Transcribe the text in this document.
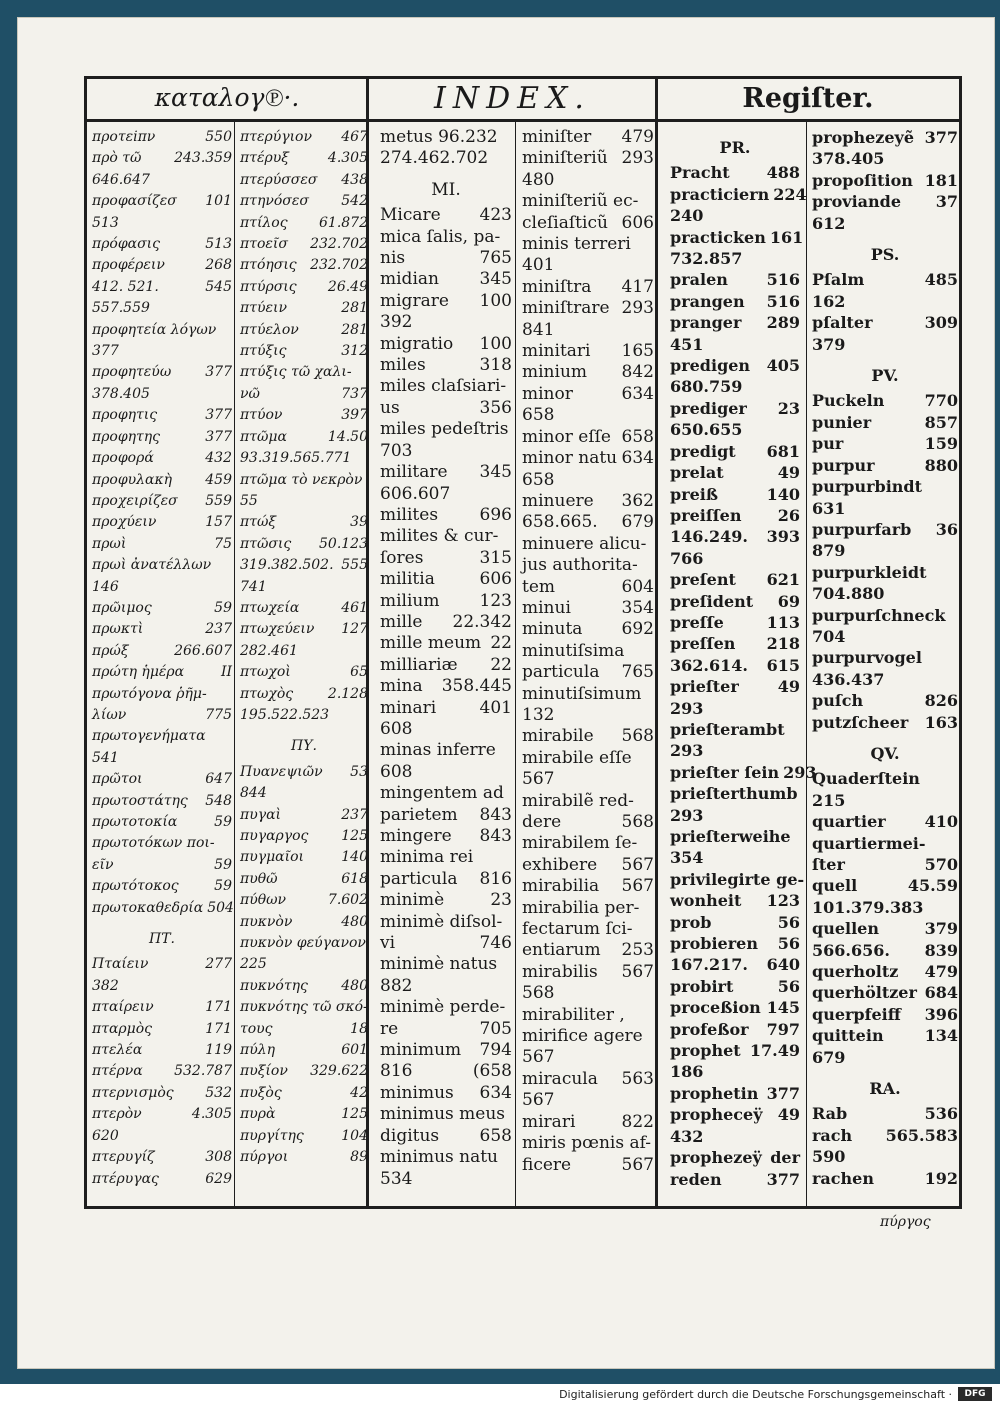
καταλογ℗·.	INDEX.	Regiſter.
πρoτεiπν	550
πρὸ τῶ 243.359
646.647
πρoφασίζεσ 101
513
πρόφασις	513
προφέρειν	268
412. 521.	545
557.559
πρoφητεία λόγων
377
πρoφητεύω 377
378.405
πρoφητις	377
πρoφητης	377
πρoφορά	432
πρoφυλακὴ 459
πρoχειρίζεσ 559
πρoχύειν	157
πρωὶ	75
πρωὶ ἀνατέλλων
146
πρῶιμος	59
πρωκτὶ	237
πρώξ	266.607
πρώτη ἡμέρα	II
πρωτόγονα ῥῆμ-
λίων	775
πρωτογενήματα
541
πρῶτοι	647
πρωτοστάτης 548
πρωτοτοκία	59
πρωτοτόκων ποι-
εῖν	59
πρωτότοκος	59
πρωτοκαθεδρία 504
ΠΤ.
Πταίειν	277
382
πταίρειν	171
πταρμὸς	171
πτελέα	119
πτέρνα 532.787
πτερνισμὸς 532
πτερὸν	4.305
620
πτερυγίζ	308
πτέρυγας	629
πτερύγιον 467
πτέρυξ	4.305
πτερύσσεσ 438
πτηνόσεσ 542
πτίλος 61.872
πτοεῖσ 232.702
πτόησις 232.702
πτύρσις 26.49
πτύειν	281
πτύελον	281
πτύξις	312
πτύξις τῶ χαλι-
νῶ	737
πτύον	397
πτῶμα	14.50
93.319.565.771
πτῶμα τὸ νεκρὸν
55
πτώξ	39
πτῶσις 50.123
319.382.502. 555
741
πτωχεία	461
πτωχεύειν 127
282.461
πτωχοὶ	65
πτωχὸς 2.128
195.522.523
ΠΥ.
Πυανεψιῶν 53
844
πυγαὶ	237
πυγαργος 125
πυγμαῖοι	140
πυθῶ	618
πύθων	7.602
πυκνὸν	480
πυκνὸν φεύγανον
225
πυκνότης 480
πυκνότης τῶ σκό-
τους	18
πύλη	601
πυξίον 329.622
πυξὸς	42
πυρὰ	125
πυργίτης	104
πύργοι	89
metus 96.232
274.462.702
MI.
Micare 423
mica ſalis, pa-
nis	765
midian 345
migrare 100
392
migratio 100
miles	318
miles claſsiari-
us	356
miles pedeſtris
703
militare 345
606.607
milites 696
milites & cur-
ſores	315
militia	606
milium 123
mille 22.342
mille meum 22
milliariæ 22
mina 358.445
minari	401
608
minas inferre
608
mingentem ad
parietem 843
mingere 843
minima rei
particula 816
minimè	23
minimè diſsol-
vi	746
minimè natus
882
minimè perde-
re	705
minimum 794
816	(658
minimus 634
minimus meus
digitus 658
minimus natu
534
miniſter 479
miniſteriũ 293
480
miniſteriũ ec-
cleſiaſticũ 606
minis terreri
401
miniſtra 417
miniſtrare 293
841
minitari 165
minium 842
minor	634
658
minor eſſe 658
minor natu 634
658
minuere 362
658.665. 679
minuere alicu-
jus authorita-
tem	604
minui	354
minuta 692
minutiſsima
particula 765
minutiſsimum
132
mirabile 568
mirabile eſſe
567
mirabilẽ red-
dere	568
mirabilem ſe-
exhibere 567
mirabilia 567
mirabilia per-
fectarum ſci-
entiarum 253
mirabilis 567
568
mirabiliter ,
mirifice agere
567
miracula 563
567
mirari	822
miris pœnis af-
ficere	567
PR.
Pracht 488
practiciern 224
240
practicken 161
732.857
pralen 516
prangen 516
pranger 289
451
predigen 405
680.759
prediger 23
650.655
predigt 681
prelat	49
preiß	140
preiſſen 26
146.249. 393
766
preſent 621
preſident 69
preſſe	113
preſſen 218
362.614. 615
prieſter 49
293
prieſterambt
293
prieſter ſein 293
prieſterthumb
293
prieſterweihe
354
privilegirte ge-
wonheit 123
prob	56
probieren 56
167.217. 640
probirt	56
proceßion 145
profeßor 797
prophet 17.49
186
prophetin 377
propheceÿ 49
432
prophezeÿ der
reden	377
prophezeyẽ 377
378.405
propoſition 181
proviande 37
612
PS.
Pſalm	485
162
pſalter	309
379
PV.
Puckeln	770
punier	857
pur	159
purpur	880
purpurbindt
631
purpurfarb 36
879
purpurkleidt
704.880
purpurſchneck
704
purpurvogel
436.437
puſch	826
putzſcheer 163
QV.
Quaderſtein
215
quartier 410
quartiermei-
ſter	570
quell	45.59
101.379.383
quellen	379
566.656. 839
querholtz 479
querhöltzer 684
querpfeiff 396
quittein	134
679
RA.
Rab	536
rach 565.583
590
rachen	192
πύργος
Digitalisierung gefördert durch die Deutsche Forschungsgemeinschaft ·	DFG
